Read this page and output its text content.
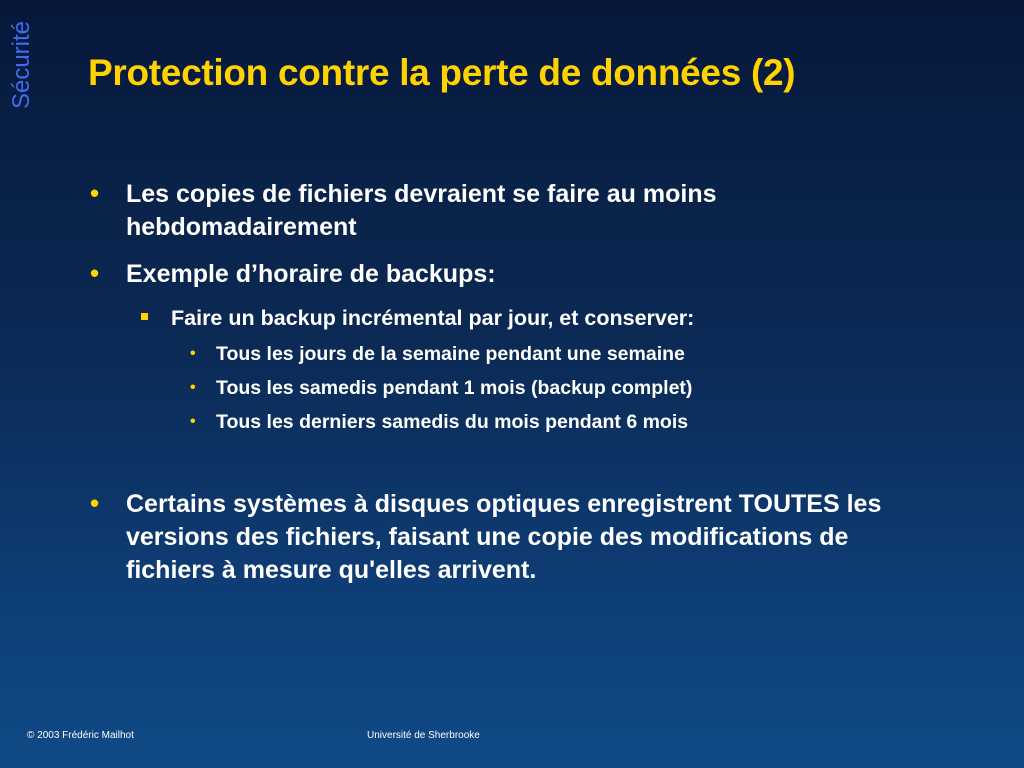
Sécurité Protection contre la perte de données (2)
• Les copies de fichiers devraient se faire au moins hebdomadairement
• Exemple d’horaire de backups:
Faire un backup incrémental par jour, et conserver:
• Tous les jours de la semaine pendant une semaine
• Tous les samedis pendant 1 mois (backup complet)
• Tous les derniers samedis du mois pendant 6 mois
• Certains systèmes à disques optiques enregistrent TOUTES les versions des fichiers, faisant une copie des modifications de fichiers à mesure qu'elles arrivent.
© 2003 Frédéric Mailhot	Université de Sherbrooke
